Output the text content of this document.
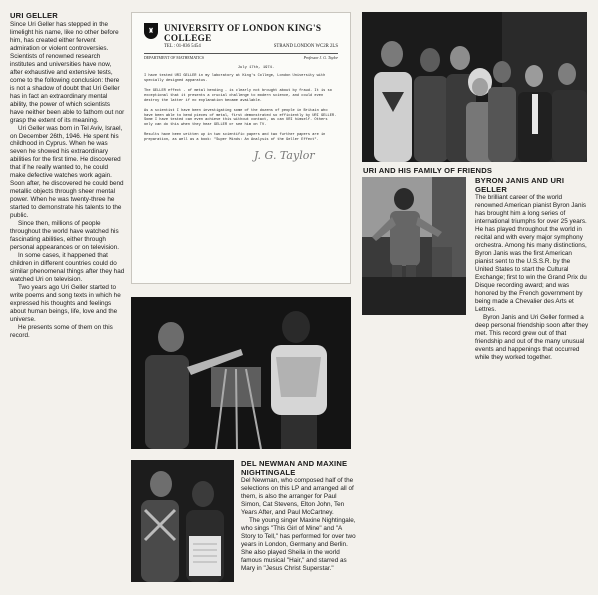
URI GELLER

Since Uri Geller has stepped in the limelight his name, like no other before him, has created either fervent admiration or violent controversies. Scientists of renowned research institutes and universities have now, after exhaustive and extensive tests, come to the following conclusion: there is not a shadow of doubt that Uri Geller has in fact an extraordinary mental ability, the power of which scientists have neither been able to fathom out nor grasp the extent of its meaning.

Uri Geller was born in Tel Aviv, Israel, on December 26th, 1946. He spent his childhood in Cyprus. When he was seven he showed his extraordinary abilities for the first time. He discovered that if he really wanted to, he could make defective watches work again. Soon after, he discovered he could bend metallic objects through sheer mental power. When he was twenty-three he started to demonstrate his talents to the public.

Since then, millions of people throughout the world have watched his fascinating abilities, either through personal appearances or on television.

In some cases, it happened that children in different countries could do similar phenomenal things after they had watched Uri on television.

Two years ago Uri Geller started to write poems and song texts in which he expressed his thoughts and feelings about human beings, life, love and the universe.

He presents some of them on this record.

♜	UNIVERSITY OF LONDON KING'S COLLEGE
TEL : 01-836 5454	STRAND LONDON WC2R 2LS
DEPARTMENT OF MATHEMATICS	Professor J. G. Taylor
July 17th, 1974.

I have tested URI GELLER in my laboratory at King's College, London University with specially designed apparatus.

The GELLER effect - of metal bending - is clearly not brought about by fraud. It is so exceptional that it presents a crucial challenge to modern science, and could even destroy the latter if no explanation became available.

As a scientist I have been investigating some of the dozens of people in Britain who have been able to bend pieces of metal, first demonstrated so efficiently by URI GELLER. Some I have tested can even achieve this without contact, as can URI himself. Others only can do this when they hear GELLER or see him on TV.

Results have been written up in two scientific papers and two further papers are in preparation, as well as a book: "Super Minds: An Analysis of the Geller Effect".

J. G. Taylor
URI AND HIS FAMILY OF FRIENDS
BYRON JANIS AND URI GELLER

The brilliant career of the world renowned American pianist Byron Janis has brought him a long series of international triumphs for over 25 years. He has played throughout the world in recital and with every major symphony orchestra. Among his many distinctions, Byron Janis was the first American pianist sent to the U.S.S.R. by the United States to start the Cultural Exchange; first to win the Grand Prix du Disque recording award; and was honored by the French government by being made a Chevalier des Arts et Lettres.

Byron Janis and Uri Geller formed a deep personal friendship soon after they met. This record grew out of that friendship and out of the many unusual events and happenings that occurred while they worked together.

DEL NEWMAN AND MAXINE NIGHTINGALE

Del Newman, who composed half of the selections on this LP and arranged all of them, is also the arranger for Paul Simon, Cat Stevens, Elton John, Ten Years After, and Paul McCartney.

The young singer Maxine Nightingale, who sings "This Girl of Mine" and "A Story to Tell," has performed for over two years in London, Germany and Berlin. She also played Sheila in the world famous musical "Hair," and starred as Mary in "Jesus Christ Superstar."
